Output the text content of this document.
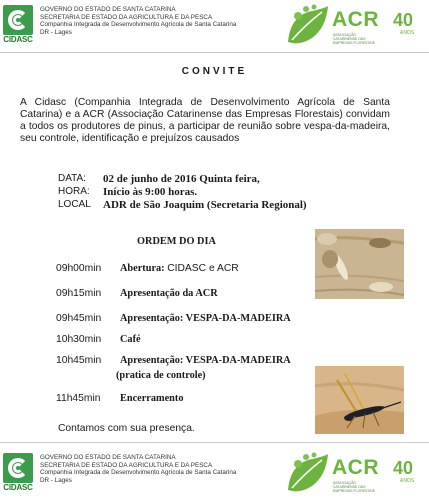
CIDASC
GOVERNO DO ESTADO DE SANTA CATARINA
SECRETARIA DE ESTADO DA AGRICULTURA E DA PESCA
Companhia Integrada de Desenvolvimento Agrícola de Santa Catarina
DR - Lages
ACR
ASSOCIAÇÃO CATARINENSE DAS EMPRESAS FLORESTAIS
40
ANOS
CONVITE

A Cidasc (Companhia Integrada de Desenvolvimento Agrícola de Santa Catarina) e a ACR (Associação Catarinense das Empresas Florestais) convidam a todos os produtores de pinus, a participar de reunião sobre vespa-da-madeira, seu controle, identificação e prejuízos causados

DATA: 02 de junho de 2016 Quinta feira,
HORA: Início às 9:00 horas.
LOCAL ADR de São Joaquim (Secretaria Regional)
ORDEM DO DIA
09h00min Abertura: CIDASC e ACR
09h15min Apresentação da ACR
09h45min Apresentação: VESPA-DA-MADEIRA
10h30min Café
10h45min Apresentação: VESPA-DA-MADEIRA
(pratica de controle)
11h45min Encerramento
Contamos com sua presença.
CIDASC
GOVERNO DO ESTADO DE SANTA CATARINA
SECRETARIA DE ESTADO DA AGRICULTURA E DA PESCA
Companhia Integrada de Desenvolvimento Agrícola de Santa Catarina
DR - Lages
ACR
ASSOCIAÇÃO CATARINENSE DAS EMPRESAS FLORESTAIS
40
ANOS
